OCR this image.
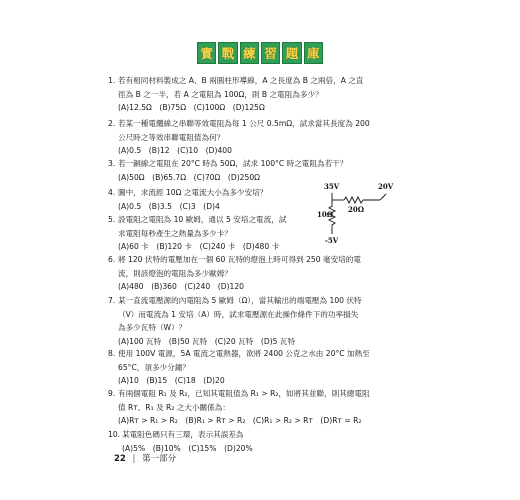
實 戰 練 習 題 庫
1. 若有相同材料製成之 A、B 兩圓柱形導線，A 之長度為 B 之兩倍，A 之直
徑為 B 之一半，若 A 之電阻為 100Ω，則 B 之電阻為多少？
(A)12.5Ω　(B)75Ω　(C)100Ω　(D)125Ω
2. 若某一種電纜線之串聯等效電阻為每 1 公尺 0.5mΩ，試求當其長度為 200
公尺時之等效串聯電阻值為何？
(A)0.5　(B)12　(C)10　(D)400
3. 若一銅線之電阻在 20°C 時為 50Ω，試求 100°C 時之電阻為若干？
(A)50Ω　(B)65.7Ω　(C)70Ω　(D)250Ω
4. 圖中，求流經 10Ω 之電流大小為多少安培？
(A)0.5　(B)3.5　(C)3　(D)4
5. 設電阻之電阻為 10 歐姆，通以 5 安培之電流，試
求電阻每秒產生之熱量為多少卡？
(A)60 卡　(B)120 卡　(C)240 卡　(D)480 卡
35V	20V
20Ω
10Ω
-5V
6. 將 120 伏特的電壓加在一個 60 瓦特的燈泡上時可得到 250 毫安培的電
流，則該燈泡的電阻為多少歐姆？
(A)480　(B)360　(C)240　(D)120
7. 某一直流電壓源的內電阻為 5 歐姆（Ω），當其輸出的端電壓為 100 伏特
（V）而電流為 1 安培（A）時，試求電壓源在此操作條件下的功率損失
為多少瓦特（W）？
(A)100 瓦特　(B)50 瓦特　(C)20 瓦特　(D)5 瓦特
8. 使用 100V 電源，5A 電流之電熱器，欲將 2400 公克之水由 20°C 加熱至
65°C，須多少分鐘？
(A)10　(B)15　(C)18　(D)20
9. 有兩個電阻 R₁ 及 R₂，已知其電阻值為 R₁ > R₂，如將其並聯，則其總電阻
值 Rᴛ、R₁ 及 R₂ 之大小關係為：
(A)Rᴛ > R₁ > R₂　(B)R₁ > Rᴛ > R₂　(C)R₁ > R₂ > Rᴛ　(D)Rᴛ = R₂
10. 某電阻色碼只有三環，表示其誤差為
(A)5%　(B)10%　(C)15%　(D)20%
22 | 第一部分
